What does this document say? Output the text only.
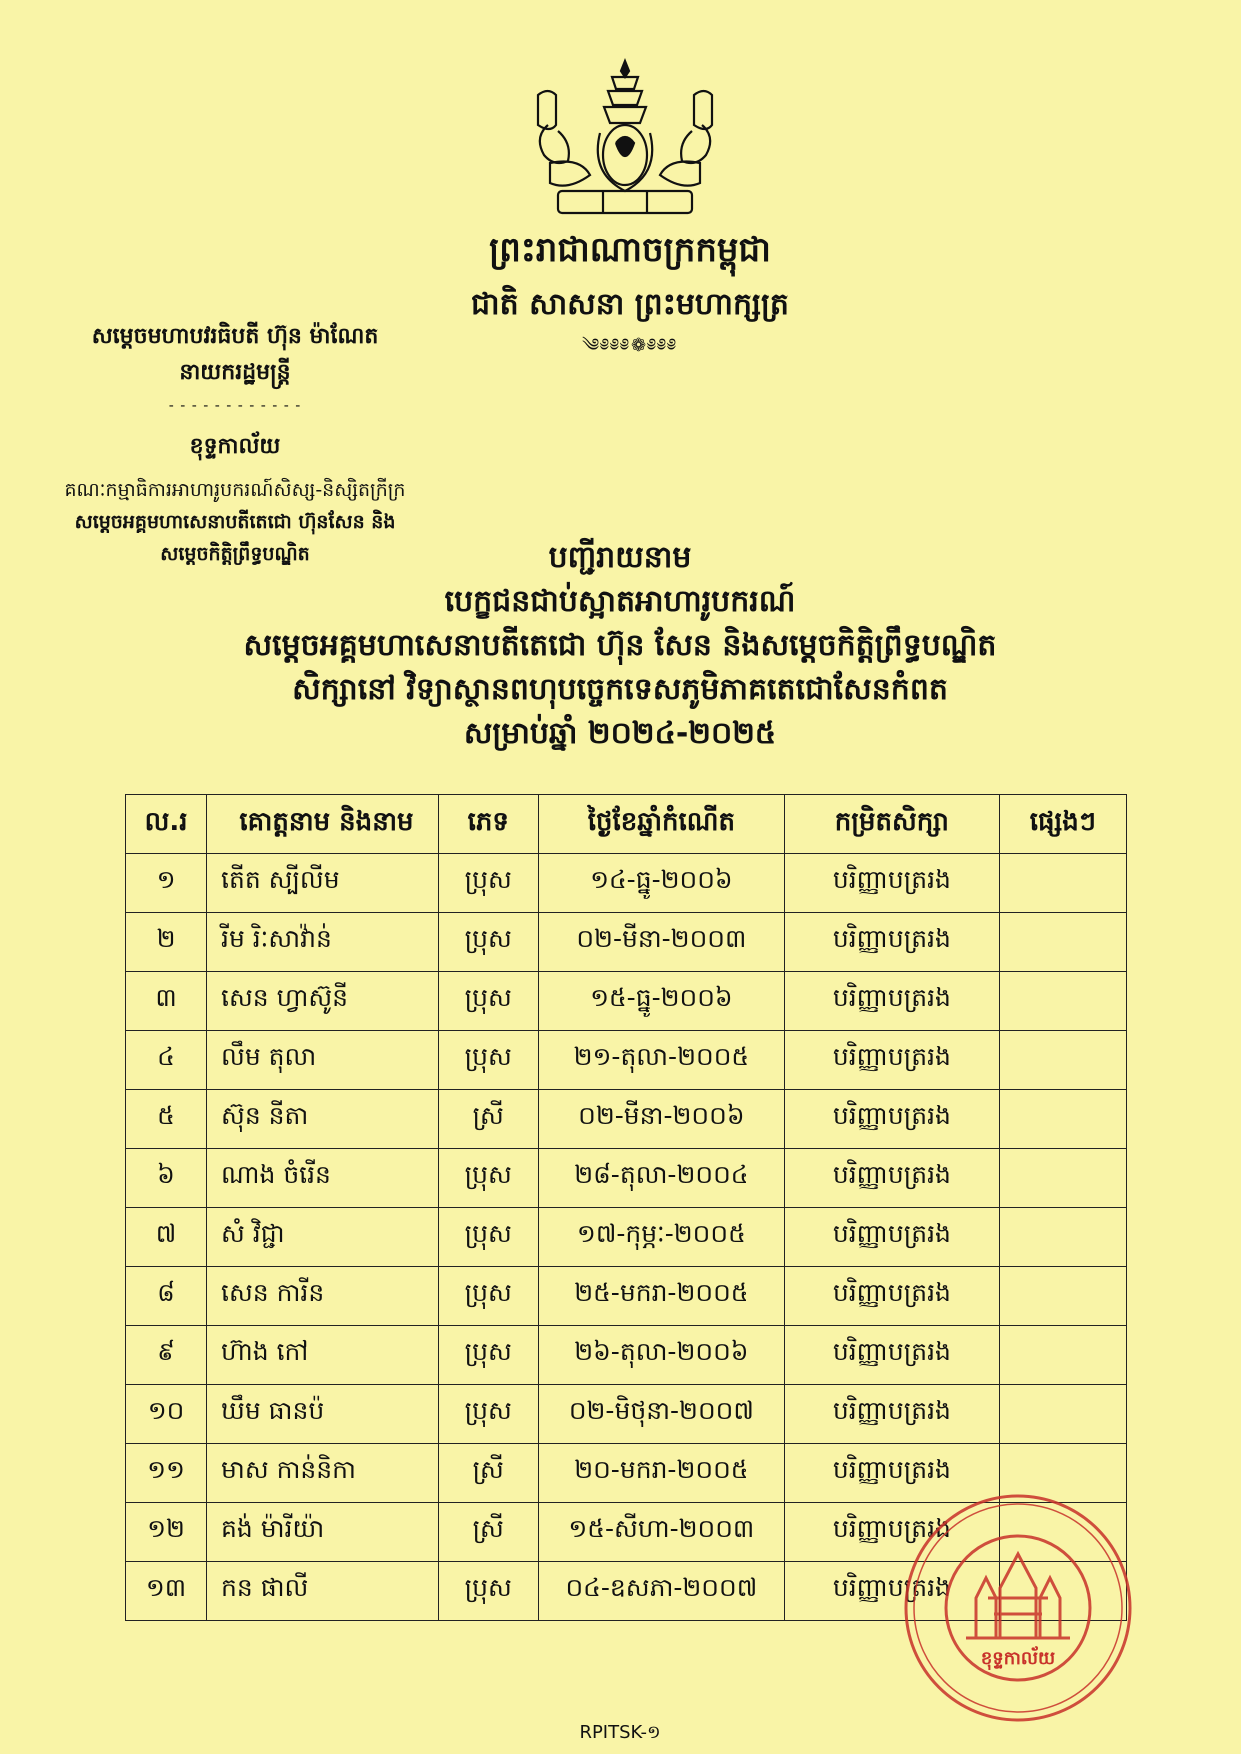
ព្រះរាជាណាចក្រកម្ពុជា
ជាតិ សាសនា ព្រះមហាក្សត្រ
༄༅༅༅❁༅༅༅
សម្តេចមហាបវរធិបតី ហ៊ុន ម៉ាណែត
នាយករដ្ឋមន្ត្រី
- - - - - - - - - - - -
ខុទ្ទកាល័យ
គណៈកម្មាធិការអាហារូបករណ៍សិស្ស-និស្សិតក្រីក្រ
សម្តេចអគ្គមហាសេនាបតីតេជោ ហ៊ុនសែន និង
សម្តេចកិត្តិព្រឹទ្ធបណ្ឌិត	បញ្ជីរាយនាម
បេក្ខជនជាប់ស្អាតអាហារូបករណ៍
សម្តេចអគ្គមហាសេនាបតីតេជោ ហ៊ុន សែន និងសម្តេចកិត្តិព្រឹទ្ធបណ្ឌិត
សិក្សានៅ វិទ្យាស្ថានពហុបច្ចេកទេសភូមិភាគតេជោសែនកំពត
សម្រាប់ឆ្នាំ ២០២៤-២០២៥
ល.រ	គោត្តនាម និងនាម	ភេទ	ថ្ងៃខែឆ្នាំកំណើត	កម្រិតសិក្សា	ផ្សេងៗ
១	តើត ស្បីលីម	ប្រុស	១៤-ធ្នូ-២០០៦	បរិញ្ញាបត្ររង	
២	រីម រិៈសាវ៉ាន់	ប្រុស	០២-មីនា-២០០៣	បរិញ្ញាបត្ររង	
៣	សេន ហ្វាស៊ូនី	ប្រុស	១៥-ធ្នូ-២០០៦	បរិញ្ញាបត្ររង	
៤	លឹម តុលា	ប្រុស	២១-តុលា-២០០៥	បរិញ្ញាបត្ររង	
៥	ស៊ុន នីតា	ស្រី	០២-មីនា-២០០៦	បរិញ្ញាបត្ររង	
៦	ណាង ចំរើន	ប្រុស	២៨-តុលា-២០០៤	បរិញ្ញាបត្ររង	
៧	សំ វិជ្ជា	ប្រុស	១៧-កុម្ភៈ-២០០៥	បរិញ្ញាបត្ររង	
៨	សេន ការីន	ប្រុស	២៥-មករា-២០០៥	បរិញ្ញាបត្ររង	
៩	ហ៊ាង កៅ	ប្រុស	២៦-តុលា-២០០៦	បរិញ្ញាបត្ររង	
១០	ឃឹម ធានប៉	ប្រុស	០២-មិថុនា-២០០៧	បរិញ្ញាបត្ររង	
១១	មាស កាន់និកា	ស្រី	២០-មករា-២០០៥	បរិញ្ញាបត្ររង	
១២	គង់ ម៉ារីយ៉ា	ស្រី	១៥-សីហា-២០០៣	បរិញ្ញាបត្ររង	
១៣	កន ផាលី	ប្រុស	០៤-ឧសភា-២០០៧	បរិញ្ញាបត្ររង	
ខុទ្ទកាល័យ
RPITSK-១
